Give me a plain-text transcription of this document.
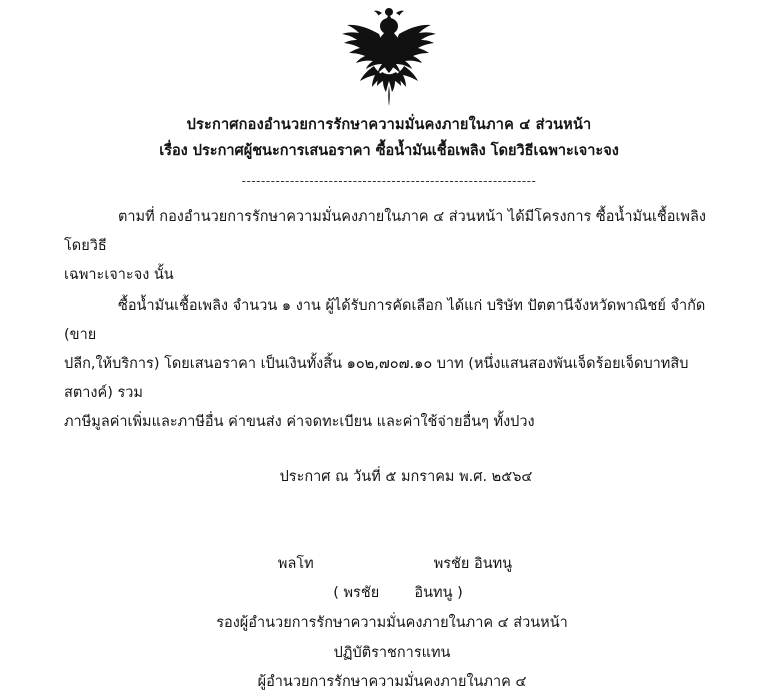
ประกาศกองอำนวยการรักษาความมั่นคงภายในภาค ๔ ส่วนหน้า
เรื่อง ประกาศผู้ชนะการเสนอราคา ซื้อน้ำมันเชื้อเพลิง โดยวิธีเฉพาะเจาะจง
-------------------------------------------------------------

ตามที่ กองอำนวยการรักษาความมั่นคงภายในภาค ๔ ส่วนหน้า ได้มีโครงการ ซื้อน้ำมันเชื้อเพลิง โดยวิธี
เฉพาะเจาะจง นั้น

ซื้อน้ำมันเชื้อเพลิง จำนวน ๑ งาน ผู้ได้รับการคัดเลือก ได้แก่ บริษัท ปัตตานีจังหวัดพาณิชย์ จำกัด (ขาย
ปลีก,ให้บริการ) โดยเสนอราคา เป็นเงินทั้งสิ้น ๑๐๒,๗๐๗.๑๐ บาท (หนึ่งแสนสองพันเจ็ดร้อยเจ็ดบาทสิบสตางค์) รวม
ภาษีมูลค่าเพิ่มและภาษีอื่น ค่าขนส่ง ค่าจดทะเบียน และค่าใช้จ่ายอื่นๆ ทั้งปวง

ประกาศ ณ วันที่ ๕ มกราคม พ.ศ. ๒๕๖๔
พลโท	พรชัย อินทนู
( พรชัย อินทนู )
รองผู้อำนวยการรักษาความมั่นคงภายในภาค ๔ ส่วนหน้า
ปฏิบัติราชการแทน
ผู้อำนวยการรักษาความมั่นคงภายในภาค ๔
